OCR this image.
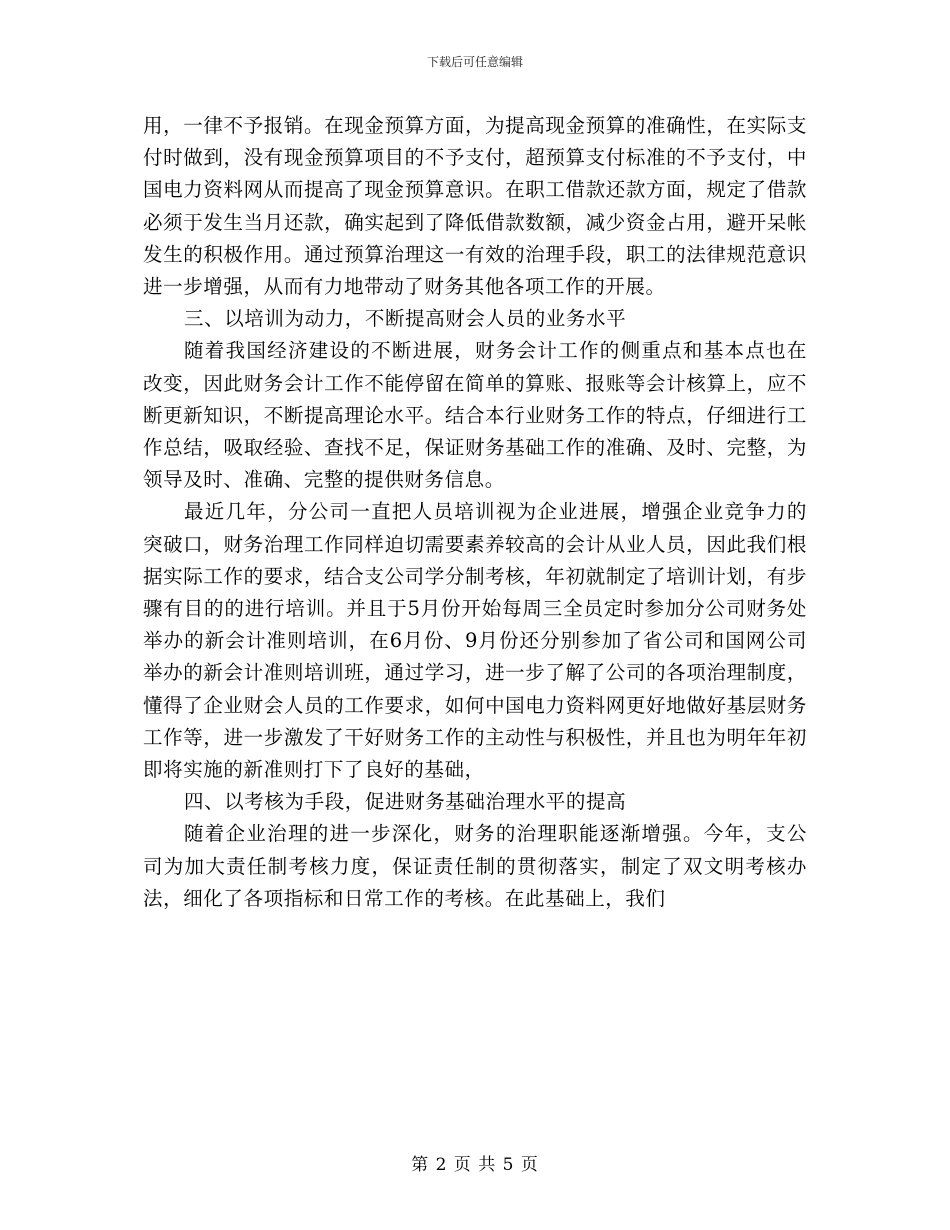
下载后可任意编辑

用，一律不予报销。在现金预算方面，为提高现金预算的准确性，在实际支付时做到，没有现金预算项目的不予支付，超预算支付标准的不予支付，中国电力资料网从而提高了现金预算意识。在职工借款还款方面，规定了借款必须于发生当月还款，确实起到了降低借款数额，减少资金占用，避开呆帐发生的积极作用。通过预算治理这一有效的治理手段，职工的法律规范意识进一步增强，从而有力地带动了财务其他各项工作的开展。

三、以培训为动力，不断提高财会人员的业务水平

随着我国经济建设的不断进展，财务会计工作的侧重点和基本点也在改变，因此财务会计工作不能停留在简单的算账、报账等会计核算上，应不断更新知识，不断提高理论水平。结合本行业财务工作的特点，仔细进行工作总结，吸取经验、查找不足，保证财务基础工作的准确、及时、完整，为领导及时、准确、完整的提供财务信息。

最近几年，分公司一直把人员培训视为企业进展，增强企业竞争力的突破口，财务治理工作同样迫切需要素养较高的会计从业人员，因此我们根据实际工作的要求，结合支公司学分制考核，年初就制定了培训计划，有步骤有目的的进行培训。并且于5月份开始每周三全员定时参加分公司财务处举办的新会计准则培训，在6月份、9月份还分别参加了省公司和国网公司举办的新会计准则培训班，通过学习，进一步了解了公司的各项治理制度，懂得了企业财会人员的工作要求，如何中国电力资料网更好地做好基层财务工作等，进一步激发了干好财务工作的主动性与积极性，并且也为明年年初即将实施的新准则打下了良好的基础，

四、以考核为手段，促进财务基础治理水平的提高

随着企业治理的进一步深化，财务的治理职能逐渐增强。今年，支公司为加大责任制考核力度，保证责任制的贯彻落实，制定了双文明考核办法，细化了各项指标和日常工作的考核。在此基础上，我们

第 2 页 共 5 页
